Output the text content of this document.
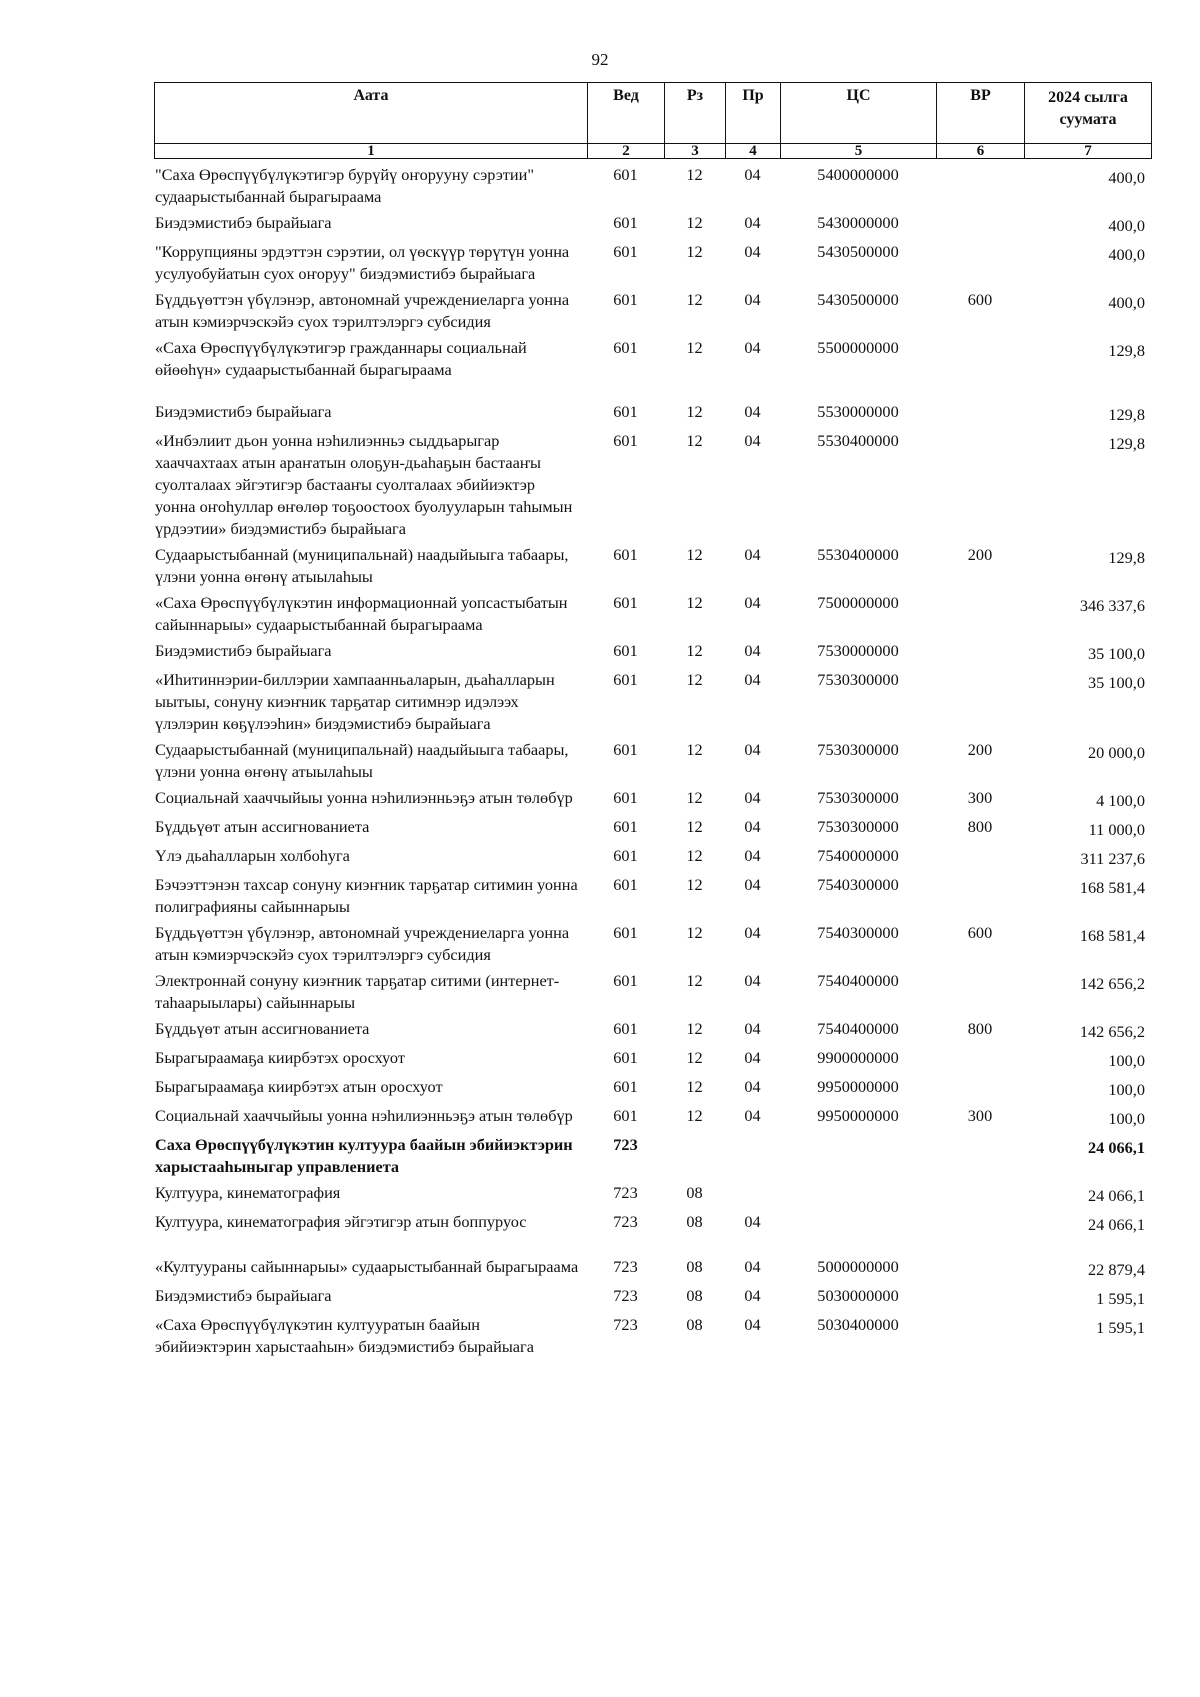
92
Аата	Вед	Рз	Пр	ЦС	ВР	2024 сылга суумата
1	2	3	4	5	6	7
"Саха Өрөспүүбүлүкэтигэр бурүйү оҥорууну сэрэтии" судаарыстыбаннай бырагыраама	601	12	04	5400000000		400,0
Биэдэмистибэ бырайыага	601	12	04	5430000000		400,0
"Коррупцияны эрдэттэн сэрэтии, ол үөскүүр төрүтүн уонна усулуобуйатын суох оҥоруу" биэдэмистибэ бырайыага	601	12	04	5430500000		400,0
Бүддьүөттэн үбүлэнэр, автономнай учреждениеларга уонна атын кэмиэрчэскэйэ суох тэрилтэлэргэ субсидия	601	12	04	5430500000	600	400,0
«Саха Өрөспүүбүлүкэтигэр гражданнары социальнай өйөөһүн» судаарыстыбаннай бырагыраама	601	12	04	5500000000		129,8
Биэдэмистибэ бырайыага	601	12	04	5530000000		129,8
«Инбэлиит дьон уонна нэһилиэнньэ сыддьарыгар хааччахтаах атын араҥатын олоҕун-дьаһаҕын бастааҥы суолталаах эйгэтигэр бастааҥы суолталаах эбийиэктэр уонна оҥоһуллар өҥөлөр тоҕоостоох буолууларын таһымын үрдээтии» биэдэмистибэ бырайыага	601	12	04	5530400000		129,8
Судаарыстыбаннай (муниципальнай) наадыйыыга табаары, үлэни уонна өҥөнү атыылаһыы	601	12	04	5530400000	200	129,8
«Саха Өрөспүүбүлүкэтин информационнай уопсастыбатын сайыннарыы» судаарыстыбаннай бырагыраама	601	12	04	7500000000		346 337,6
Биэдэмистибэ бырайыага	601	12	04	7530000000		35 100,0
«Иһитиннэрии-биллэрии хампаанньаларын, дьаһалларын ыытыы, сонуну киэҥник тарҕатар ситимнэр идэлээх үлэлэрин көҕүлээһин» биэдэмистибэ бырайыага	601	12	04	7530300000		35 100,0
Судаарыстыбаннай (муниципальнай) наадыйыыга табаары, үлэни уонна өҥөнү атыылаһыы	601	12	04	7530300000	200	20 000,0
Социальнай хааччыйыы уонна нэһилиэнньэҕэ атын төлөбүр	601	12	04	7530300000	300	4 100,0
Бүддьүөт атын ассигнованиета	601	12	04	7530300000	800	11 000,0
Үлэ дьаһалларын холбоһуга	601	12	04	7540000000		311 237,6
Бэчээттэнэн тахсар сонуну киэҥник тарҕатар ситимин уонна полиграфияны сайыннарыы	601	12	04	7540300000		168 581,4
Бүддьүөттэн үбүлэнэр, автономнай учреждениеларга уонна атын кэмиэрчэскэйэ суох тэрилтэлэргэ субсидия	601	12	04	7540300000	600	168 581,4
Электроннай сонуну киэҥник тарҕатар ситими (интернет-таһаарыылары) сайыннарыы	601	12	04	7540400000		142 656,2
Бүддьүөт атын ассигнованиета	601	12	04	7540400000	800	142 656,2
Бырагыраамаҕа киирбэтэх оросхуот	601	12	04	9900000000		100,0
Бырагыраамаҕа киирбэтэх атын оросхуот	601	12	04	9950000000		100,0
Социальнай хааччыйыы уонна нэһилиэнньэҕэ атын төлөбүр	601	12	04	9950000000	300	100,0
Саха Өрөспүүбүлүкэтин култуура баайын эбийиэктэрин харыстааһыныгар управлениета	723					24 066,1
Култуура, кинематография	723	08				24 066,1
Култуура, кинематография эйгэтигэр атын боппуруос	723	08	04			24 066,1
«Култуураны сайыннарыы» судаарыстыбаннай бырагыраама	723	08	04	5000000000		22 879,4
Биэдэмистибэ бырайыага	723	08	04	5030000000		1 595,1
«Саха Өрөспүүбүлүкэтин култууратын баайын эбийиэктэрин харыстааһын» биэдэмистибэ бырайыага	723	08	04	5030400000		1 595,1
